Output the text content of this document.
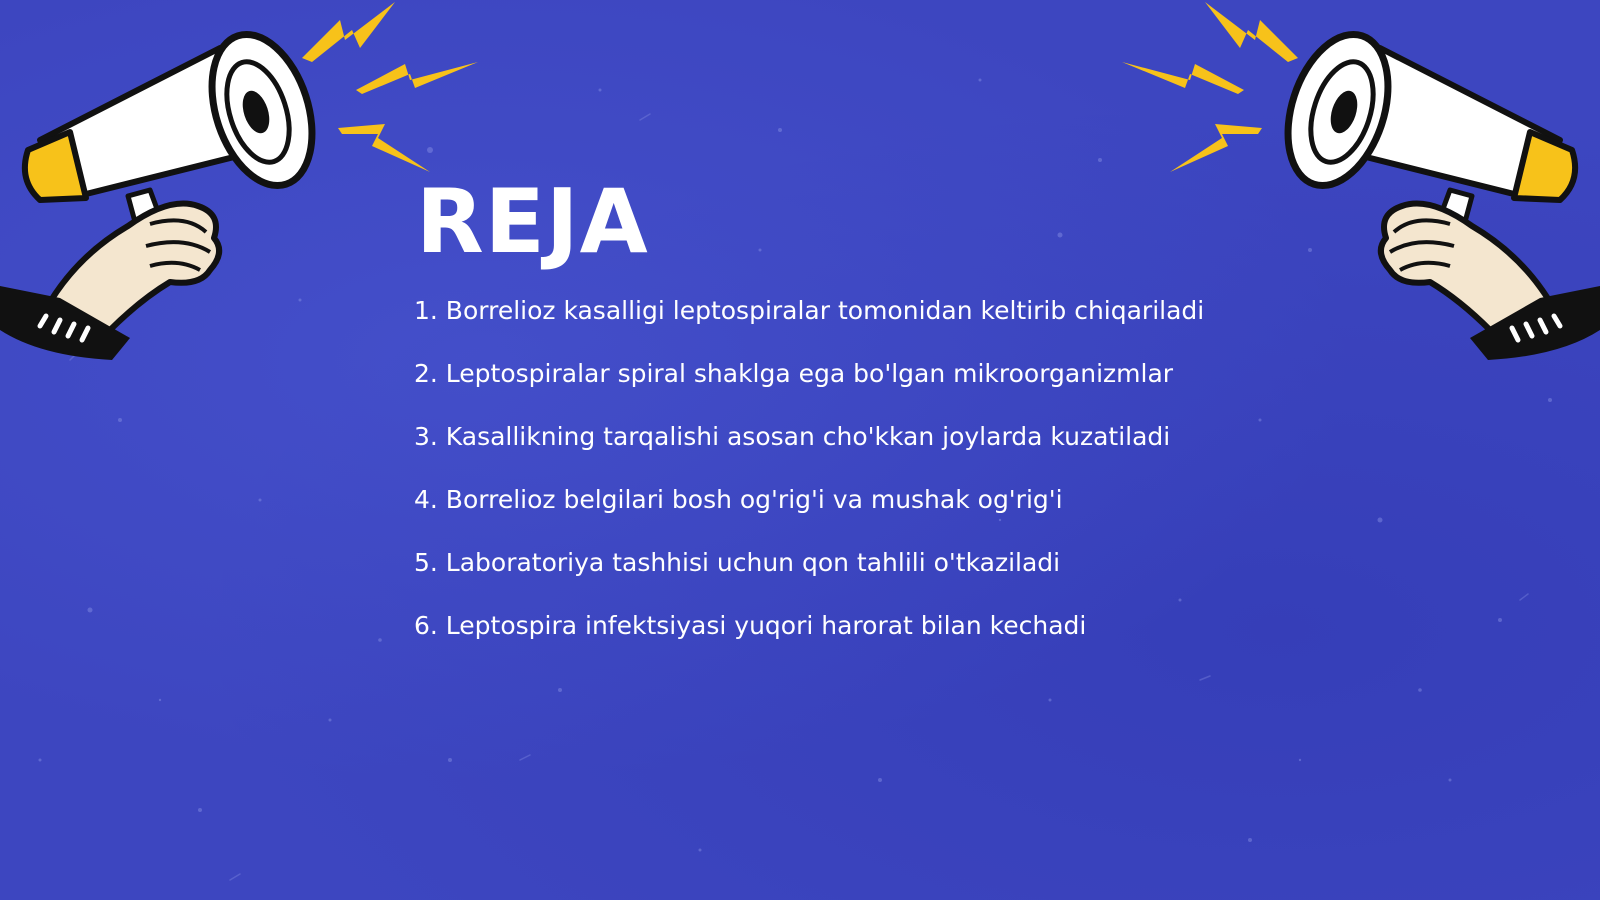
REJA
1. Borrelioz kasalligi leptospiralar tomonidan keltirib chiqariladi
2. Leptospiralar spiral shaklga ega bo'lgan mikroorganizmlar
3. Kasallikning tarqalishi asosan cho'kkan joylarda kuzatiladi
4. Borrelioz belgilari bosh og'rig'i va mushak og'rig'i
5. Laboratoriya tashhisi uchun qon tahlili o'tkaziladi
6. Leptospira infektsiyasi yuqori harorat bilan kechadi
